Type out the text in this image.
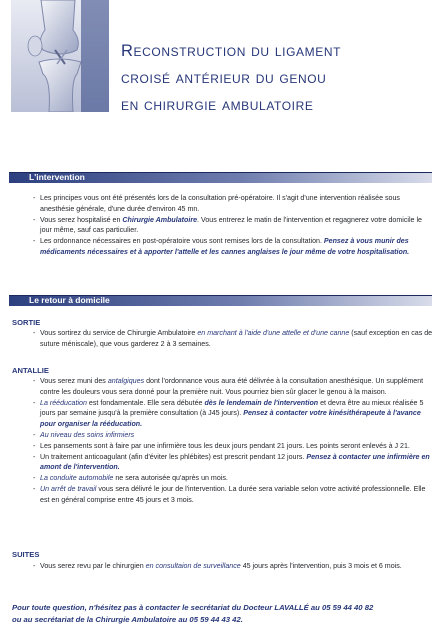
Reconstruction du ligament
croisé antérieur du genou
en chirurgie ambulatoire
L'intervention
- Les principes vous ont été présentés lors de la consultation pré-opératoire. Il s'agit d'une intervention réalisée sous anesthésie générale, d'une durée d'environ 45 mn.
- Vous serez hospitalisé en Chirurgie Ambulatoire. Vous entrerez le matin de l'intervention et regagnerez votre domicile le jour même, sauf cas particulier.
- Les ordonnance nécessaires en post-opératoire vous sont remises lors de la consultation. Pensez à vous munir des médicaments nécessaires et à apporter l'attelle et les cannes anglaises le jour même de votre hospitalisation.
Le retour à domicile
SORTIE
- Vous sortirez du service de Chirurgie Ambulatoire en marchant à l'aide d'une attelle et d'une canne (sauf exception en cas de suture méniscale), que vous garderez 2 à 3 semaines.
ANTALLIE
- Vous serez muni des antalgiques dont l'ordonnance vous aura été délivrée à la consultation anesthésique. Un supplément contre les douleurs vous sera donné pour la première nuit. Vous pourriez bien sûr glacer le genou à la maison.
- La rééducation est fondamentale. Elle sera débutée dès le lendemain de l'intervention et devra être au mieux réalisée 5 jours par semaine jusqu'à la première consultation (à J45 jours). Pensez à contacter votre kinésithérapeute à l'avance pour organiser la rééducation.
- Au niveau des soins infirmiers
- Les pansements sont à faire par une infirmière tous les deux jours pendant 21 jours. Les points seront enlevés à J 21.
- Un traitement anticoagulant (afin d'éviter les phlébites) est prescrit pendant 12 jours. Pensez à contacter une infirmière en amont de l'intervention.
- La conduite automobile ne sera autorisée qu'après un mois.
- Un arrêt de travail vous sera délivré le jour de l'intervention. La durée sera variable selon votre activité professionnelle. Elle est en général comprise entre 45 jours et 3 mois.
SUITES
- Vous serez revu par le chirurgien en consultaion de surveillance 45 jours après l'intervention, puis 3 mois et 6 mois.
Pour toute question, n'hésitez pas à contacter le secrétariat du Docteur LAVALLÉ au 05 59 44 40 82
ou au secrétariat de la Chirurgie Ambulatoire au 05 59 44 43 42.
